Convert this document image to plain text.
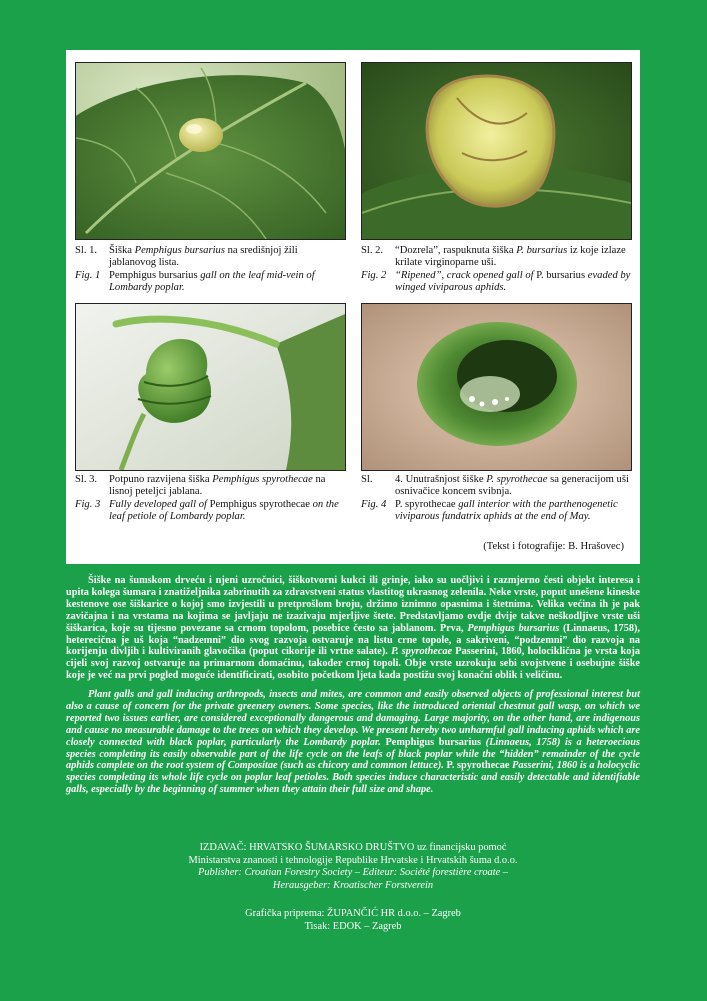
Sl. 1.	Šiška Pemphigus bursarius na središnjoj žili jablanovog lista.
Fig. 1 Pemphigus bursarius gall on the leaf mid-vein of Lombardy poplar.
Sl. 2.	“Dozrela”, raspuknuta šiška P. bursarius iz koje izlaze krilate virginoparne uši.
Fig. 2 “Ripened”, crack opened gall of P. bursarius evaded by winged viviparous aphids.
Sl. 3.	Potpuno razvijena šiška Pemphigus spyrothecae na lisnoj peteljci jablana.
Fig. 3 Fully developed gall of Pemphigus spyrothecae on the leaf petiole of Lombardy poplar.
Sl.	4. Unutrašnjost šiške P. spyrothecae sa generacijom uši osnivačice koncem svibnja.
Fig. 4 P. spyrothecae gall interior with the parthenogenetic viviparous fundatrix aphids at the end of May.
(Tekst i fotografije: B. Hrašovec)

Šiške na šumskom drveću i njeni uzročnici, šiškotvorni kukci ili grinje, iako su uočljivi i razmjerno česti objekt interesa i upita kolega šumara i znatiželjnika zabrinutih za zdravstveni status vlastitog ukrasnog zelenila. Neke vrste, poput unešene kineske kestenove ose šiškarice o kojoj smo izvjestili u pretprošlom broju, držimo iznimno opasnima i štetnima. Velika većina ih je pak zavičajna i na vrstama na kojima se javljaju ne izazivaju mjerljive štete. Predstavljamo ovdje dvije takve neškodljive vrste uši šiškarica, koje su tijesno povezane sa crnom topolom, posebice često sa jablanom. Prva, Pemphigus bursarius (Linnaeus, 1758), heterecična je uš koja “nadzemni” dio svog razvoja ostvaruje na listu crne topole, a sakriveni, “podzemni” dio razvoja na korijenju divljih i kultiviranih glavočika (poput cikorije ili vrtne salate). P. spyrothecae Passerini, 1860, holociklična je vrsta koja cijeli svoj razvoj ostvaruje na primarnom domaćinu, također crnoj topoli. Obje vrste uzrokuju sebi svojstvene i osebujne šiške koje je već na prvi pogled moguće identificirati, osobito početkom ljeta kada postižu svoj konačni oblik i veličinu.

Plant galls and gall inducing arthropods, insects and mites, are common and easily observed objects of professional interest but also a cause of concern for the private greenery owners. Some species, like the introduced oriental chestnut gall wasp, on which we reported two issues earlier, are considered exceptionally dangerous and damaging. Large majority, on the other hand, are indigenous and cause no measurable damage to the trees on which they develop. We present hereby two unharmful gall inducing aphids which are closely connected with black poplar, particularly the Lombardy poplar. Pemphigus bursarius (Linnaeus, 1758) is a heteroecious species completing its easily observable part of the life cycle on the leafs of black poplar while the “hidden” remainder of the cycle aphids complete on the root system of Compositae (such as chicory and common lettuce). P. spyrothecae Passerini, 1860 is a holocyclic species completing its whole life cycle on poplar leaf petioles. Both species induce characteristic and easily detectable and identifiable galls, especially by the beginning of summer when they attain their full size and shape.

IZDAVAČ: HRVATSKO ŠUMARSKO DRUŠTVO uz financijsku pomoć
Ministarstva znanosti i tehnologije Republike Hrvatske i Hrvatskih šuma d.o.o.
Publisher: Croatian Forestry Society – Editeur: Société forestière croate –
Herausgeber: Kroatischer Forstverein
Grafička priprema: ŽUPANČIĆ HR d.o.o. – Zagreb
Tisak: EDOK – Zagreb
